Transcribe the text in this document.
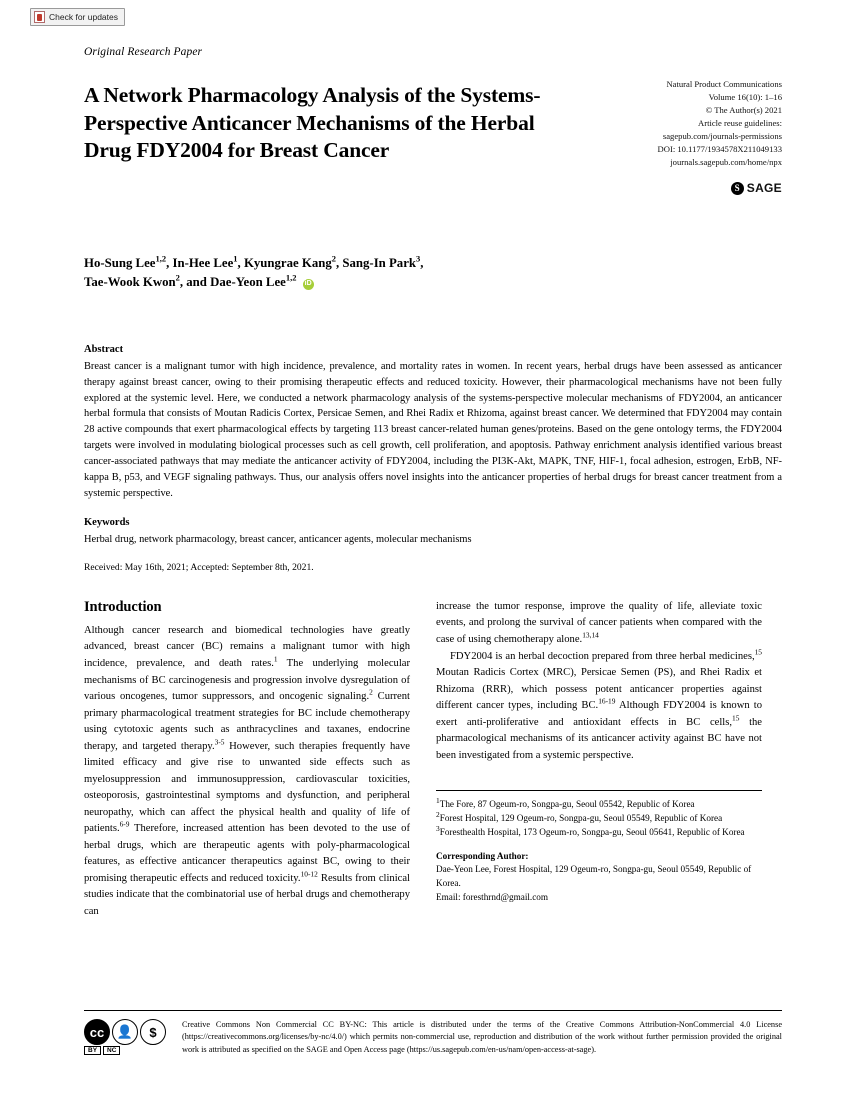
Check for updates
Original Research Paper
A Network Pharmacology Analysis of the Systems-Perspective Anticancer Mechanisms of the Herbal Drug FDY2004 for Breast Cancer
Natural Product Communications
Volume 16(10): 1–16
© The Author(s) 2021
Article reuse guidelines:
sagepub.com/journals-permissions
DOI: 10.1177/1934578X211049133
journals.sagepub.com/home/npx
S SAGE
Ho-Sung Lee$^{1,2}$, In-Hee Lee$^1$, Kyungrae Kang$^2$, Sang-In Park$^3$,
Tae-Wook Kwon$^2$, and Dae-Yeon Lee$^{1,2}$ iD
Abstract

Breast cancer is a malignant tumor with high incidence, prevalence, and mortality rates in women. In recent years, herbal drugs have been assessed as anticancer therapy against breast cancer, owing to their promising therapeutic effects and reduced toxicity. However, their pharmacological mechanisms have not been fully explored at the systemic level. Here, we conducted a network pharmacology analysis of the systems-perspective molecular mechanisms of FDY2004, an anticancer herbal formula that consists of Moutan Radicis Cortex, Persicae Semen, and Rhei Radix et Rhizoma, against breast cancer. We determined that FDY2004 may contain 28 active compounds that exert pharmacological effects by targeting 113 breast cancer-related human genes/proteins. Based on the gene ontology terms, the FDY2004 targets were involved in modulating biological processes such as cell growth, cell proliferation, and apoptosis. Pathway enrichment analysis identified various breast cancer-associated pathways that may mediate the anticancer activity of FDY2004, including the PI3K-Akt, MAPK, TNF, HIF-1, focal adhesion, estrogen, ErbB, NF-kappa B, p53, and VEGF signaling pathways. Thus, our analysis offers novel insights into the anticancer properties of herbal drugs for breast cancer treatment from a systemic perspective.

Keywords
Herbal drug, network pharmacology, breast cancer, anticancer agents, molecular mechanisms
Received: May 16th, 2021; Accepted: September 8th, 2021.
Introduction

Although cancer research and biomedical technologies have greatly advanced, breast cancer (BC) remains a malignant tumor with high incidence, prevalence, and death rates.$^1$ The underlying molecular mechanisms of BC carcinogenesis and progression involve dysregulation of various oncogenes, tumor suppressors, and oncogenic signaling.$^2$ Current primary pharmacological treatment strategies for BC include chemotherapy using cytotoxic agents such as anthracyclines and taxanes, endocrine therapy, and targeted therapy.$^{3-5}$ However, such therapies frequently have limited efficacy and give rise to unwanted side effects such as myelosuppression and immunosuppression, cardiovascular toxicities, osteoporosis, gastrointestinal symptoms and dysfunction, and peripheral neuropathy, which can affect the physical health and quality of life of patients.$^{6-9}$ Therefore, increased attention has been devoted to the use of herbal drugs, which are therapeutic agents with poly-pharmacological features, as effective anticancer therapeutics against BC, owing to their promising therapeutic effects and reduced toxicity.$^{10-12}$ Results from clinical studies indicate that the combinatorial use of herbal drugs and chemotherapy can

increase the tumor response, improve the quality of life, alleviate toxic events, and prolong the survival of cancer patients when compared with the case of using chemotherapy alone.$^{13,14}$

FDY2004 is an herbal decoction prepared from three herbal medicines,$^{15}$ Moutan Radicis Cortex (MRC), Persicae Semen (PS), and Rhei Radix et Rhizoma (RRR), which possess potent anticancer properties against different cancer types, including BC.$^{16-19}$ Although FDY2004 is known to exert anti-proliferative and antioxidant effects in BC cells,$^{15}$ the pharmacological mechanisms of its anticancer activity against BC have not been investigated from a systemic perspective.

$^1$The Fore, 87 Ogeum-ro, Songpa-gu, Seoul 05542, Republic of Korea
$^2$Forest Hospital, 129 Ogeum-ro, Songpa-gu, Seoul 05549, Republic of Korea
$^3$Foresthealth Hospital, 173 Ogeum-ro, Songpa-gu, Seoul 05641, Republic of Korea
Corresponding Author:
Dae-Yeon Lee, Forest Hospital, 129 Ogeum-ro, Songpa-gu, Seoul 05549, Republic of Korea.
Email: foresthrnd@gmail.com
cc 👤	$
BY	NC
Creative Commons Non Commercial CC BY-NC: This article is distributed under the terms of the Creative Commons Attribution-NonCommercial 4.0 License (https://creativecommons.org/licenses/by-nc/4.0/) which permits non-commercial use, reproduction and distribution of the work without further permission provided the original work is attributed as specified on the SAGE and Open Access page (https://us.sagepub.com/en-us/nam/open-access-at-sage).
